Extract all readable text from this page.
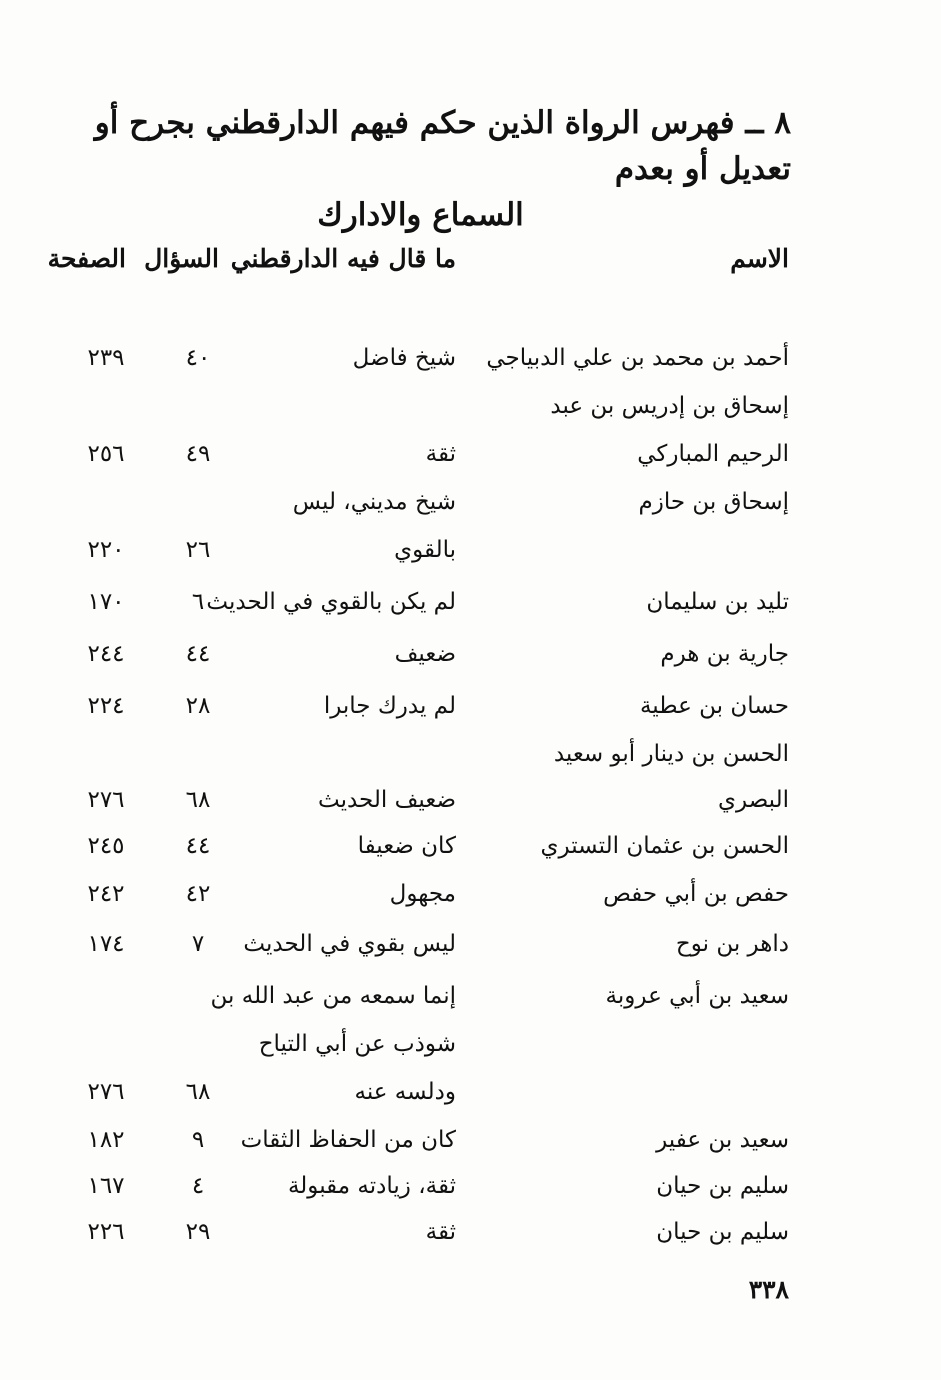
٨ ــ فهرس الرواة الذين حكم فيهم الدارقطني بجرح أو تعديل أو بعدم
السماع والادارك
الاسم
ما قال فيه الدارقطني
السؤال
الصفحة
أحمد بن محمد بن علي الدبياجي
شيخ فاضل
٤٠
٢٣٩
إسحاق بن إدريس بن عبد
الرحيم المباركي
ثقة
٤٩
٢٥٦
إسحاق بن حازم
شيخ مديني، ليس
بالقوي
٢٦
٢٢٠
تليد بن سليمان
لم يكن بالقوي في الحديث
٦
١٧٠
جارية بن هرم
ضعيف
٤٤
٢٤٤
حسان بن عطية
لم يدرك جابرا
٢٨
٢٢٤
الحسن بن دينار أبو سعيد
البصري
ضعيف الحديث
٦٨
٢٧٦
الحسن بن عثمان التستري
كان ضعيفا
٤٤
٢٤٥
حفص بن أبي حفص
مجهول
٤٢
٢٤٢
داهر بن نوح
ليس بقوي في الحديث
٧
١٧٤
سعيد بن أبي عروبة
إنما سمعه من عبد الله بن
شوذب عن أبي التياح
ودلسه عنه
٦٨
٢٧٦
سعيد بن عفير
كان من الحفاظ الثقات
٩
١٨٢
سليم بن حيان
ثقة، زيادته مقبولة
٤
١٦٧
سليم بن حيان
ثقة
٢٩
٢٢٦
٣٣٨
